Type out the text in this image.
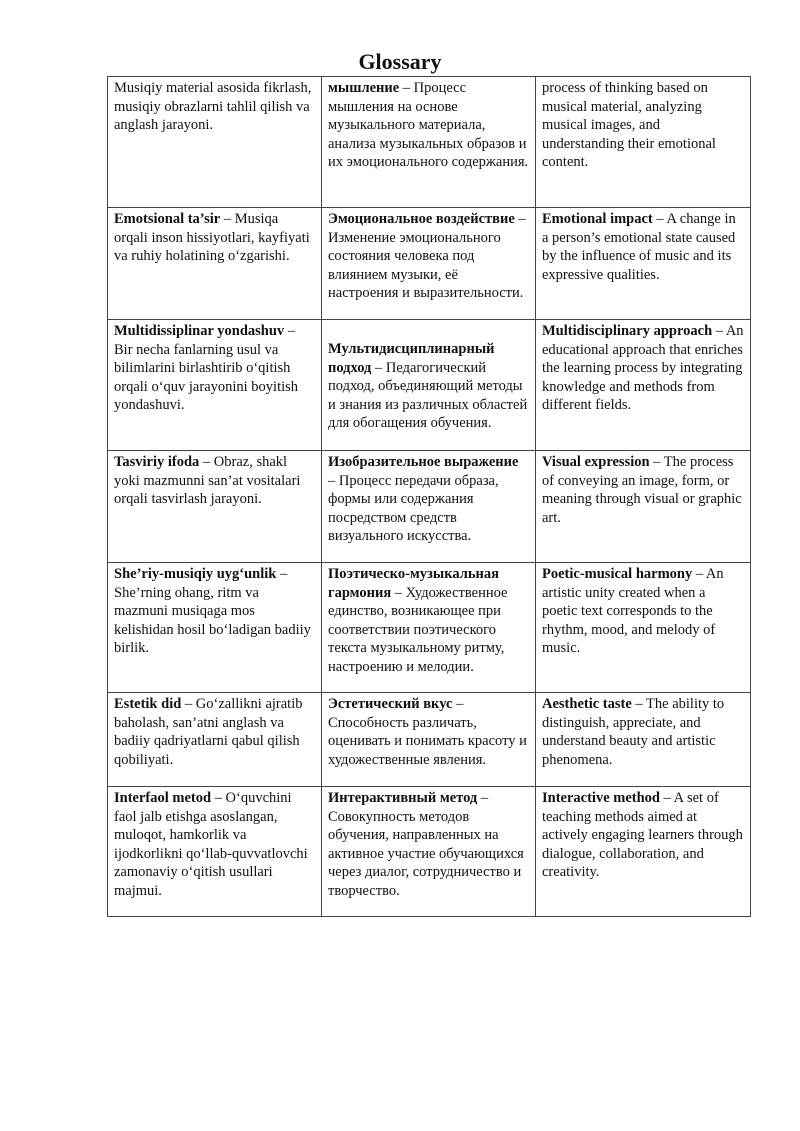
Glossary
Musiqiy material asosida fikrlash, musiqiy obrazlarni tahlil qilish va anglash jarayoni.	мышление – Процесс мышления на основе музыкального материала, анализа музыкальных образов и их эмоционального содержания.	process of thinking based on musical material, analyzing musical images, and understanding their emotional content.
Emotsional ta’sir – Musiqa orqali inson hissiyotlari, kayfiyati va ruhiy holatining o‘zgarishi.	Эмоциональное воздействие – Изменение эмоционального состояния человека под влиянием музыки, её настроения и выразительности.	Emotional impact – A change in a person’s emotional state caused by the influence of music and its expressive qualities.
Multidissiplinar yondashuv – Bir necha fanlarning usul va bilimlarini birlashtirib o‘qitish orqali o‘quv jarayonini boyitish yondashuvi.	Мультидисциплинарный подход – Педагогический подход, объединяющий методы и знания из различных областей для обогащения обучения.	Multidisciplinary approach – An educational approach that enriches the learning process by integrating knowledge and methods from different fields.
Tasviriy ifoda – Obraz, shakl yoki mazmunni san’at vositalari orqali tasvirlash jarayoni.	Изобразительное выражение – Процесс передачи образа, формы или содержания посредством средств визуального искусства.	Visual expression – The process of conveying an image, form, or meaning through visual or graphic art.
She’riy-musiqiy uyg‘unlik – She’rning ohang, ritm va mazmuni musiqaga mos kelishidan hosil bo‘ladigan badiiy birlik.	Поэтическо-музыкальная гармония – Художественное единство, возникающее при соответствии поэтического текста музыкальному ритму, настроению и мелодии.	Poetic-musical harmony – An artistic unity created when a poetic text corresponds to the rhythm, mood, and melody of music.
Estetik did – Go‘zallikni ajratib baholash, san’atni anglash va badiiy qadriyatlarni qabul qilish qobiliyati.	Эстетический вкус – Способность различать, оценивать и понимать красоту и художественные явления.	Aesthetic taste – The ability to distinguish, appreciate, and understand beauty and artistic phenomena.
Interfaol metod – O‘quvchini faol jalb etishga asoslangan, muloqot, hamkorlik va ijodkorlikni qo‘llab-quvvatlovchi zamonaviy o‘qitish usullari majmui.	Интерактивный метод – Совокупность методов обучения, направленных на активное участие обучающихся через диалог, сотрудничество и творчество.	Interactive method – A set of teaching methods aimed at actively engaging learners through dialogue, collaboration, and creativity.
